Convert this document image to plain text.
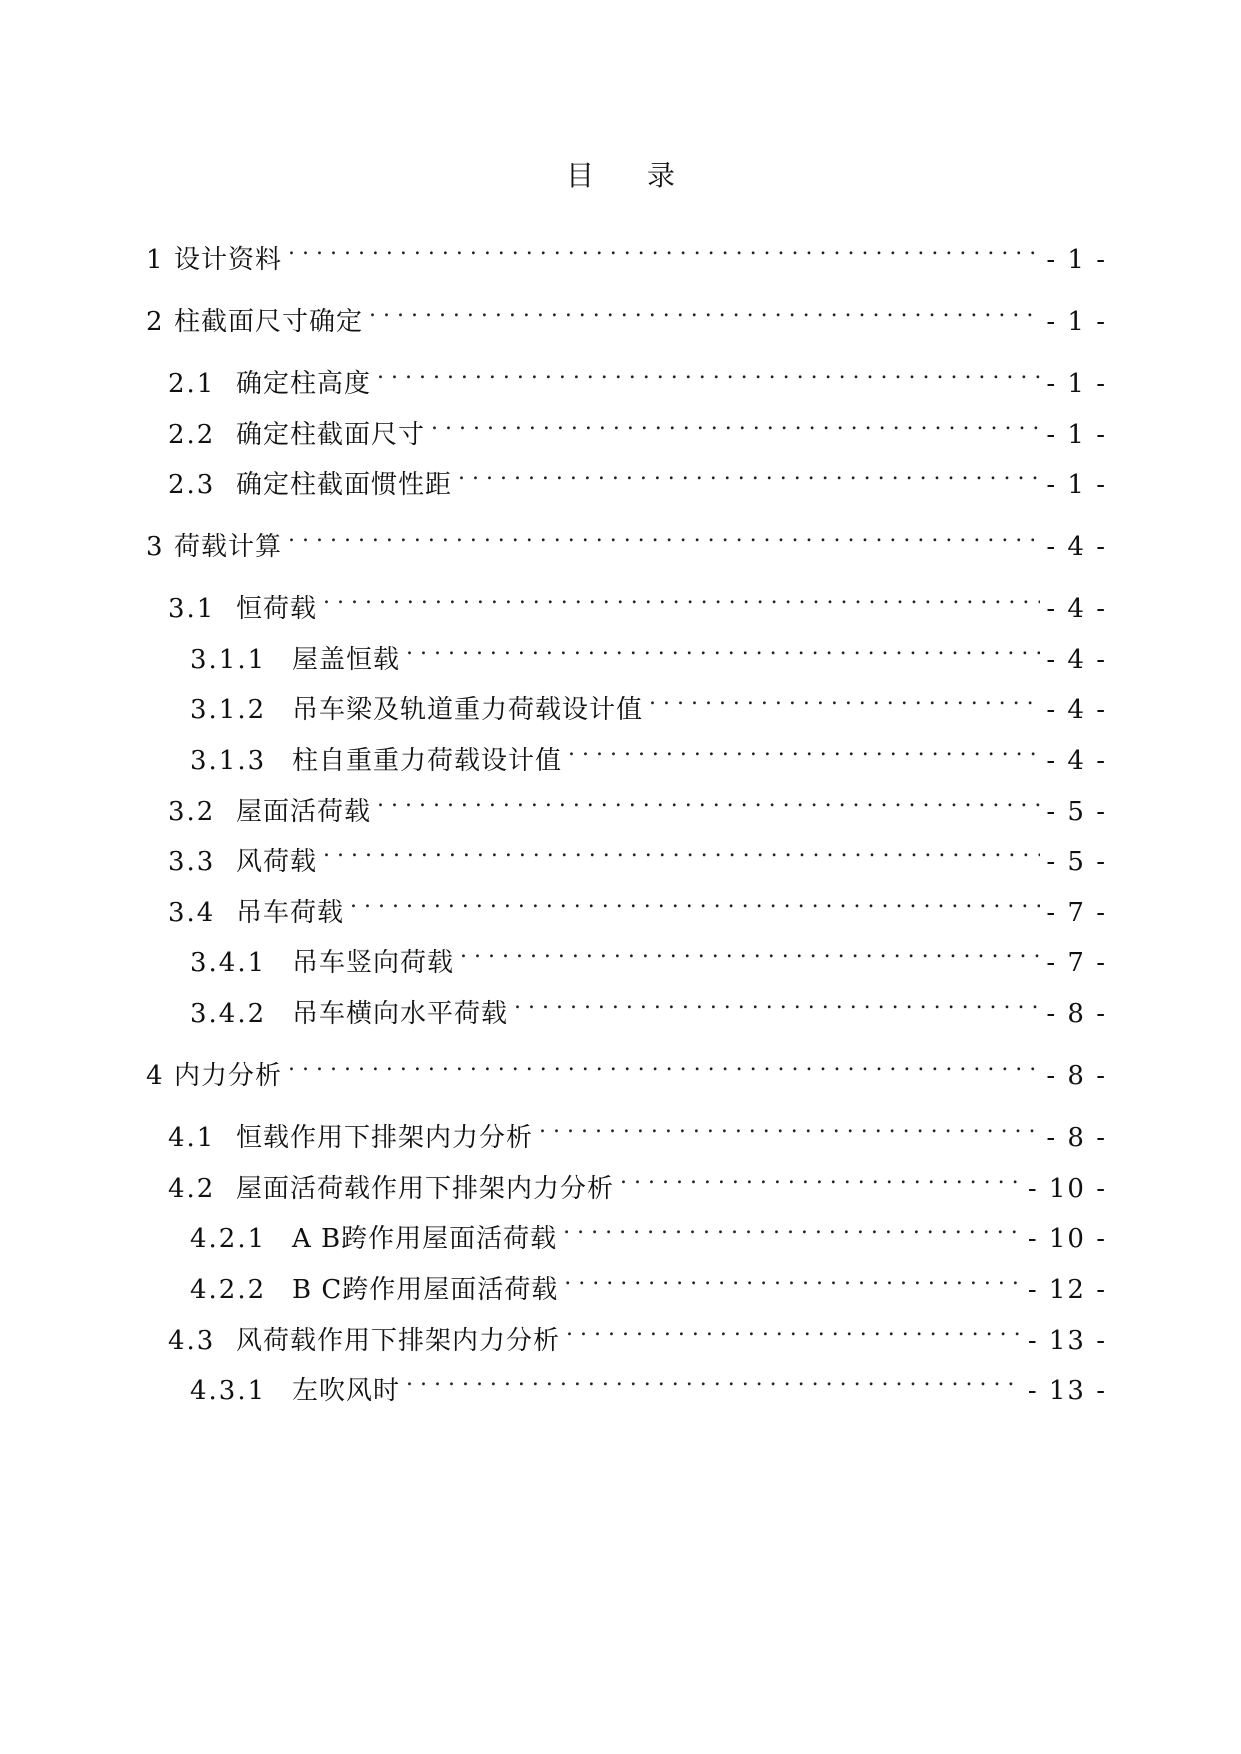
目 录
1 设计资料 . . .	- 1 -
2 柱截面尺寸确定 . . .	- 1 -
2.1 确定柱高度 . . .	- 1 -
2.2 确定柱截面尺寸 . . .	- 1 -
2.3 确定柱截面惯性距 . . .	- 1 -
3 荷载计算 . . .	- 4 -
3.1 恒荷载 . . .	- 4 -
3.1.1 屋盖恒载 . . .	- 4 -
3.1.2 吊车梁及轨道重力荷载设计值 . . .	- 4 -
3.1.3 柱自重重力荷载设计值 . . .	- 4 -
3.2 屋面活荷载 . . .	- 5 -
3.3 风荷载 . . .	- 5 -
3.4 吊车荷载 . . .	- 7 -
3.4.1 吊车竖向荷载 . . .	- 7 -
3.4.2 吊车横向水平荷载 . . .	- 8 -
4 内力分析 . . .	- 8 -
4.1 恒载作用下排架内力分析 . . .	- 8 -
4.2 屋面活荷载作用下排架内力分析 . . .	- 10 -
4.2.1 A B跨作用屋面活荷载 . . .	- 10 -
4.2.2 B C跨作用屋面活荷载 . . .	- 12 -
4.3 风荷载作用下排架内力分析 . . .	- 13 -
4.3.1 左吹风时 . . .	- 13 -
